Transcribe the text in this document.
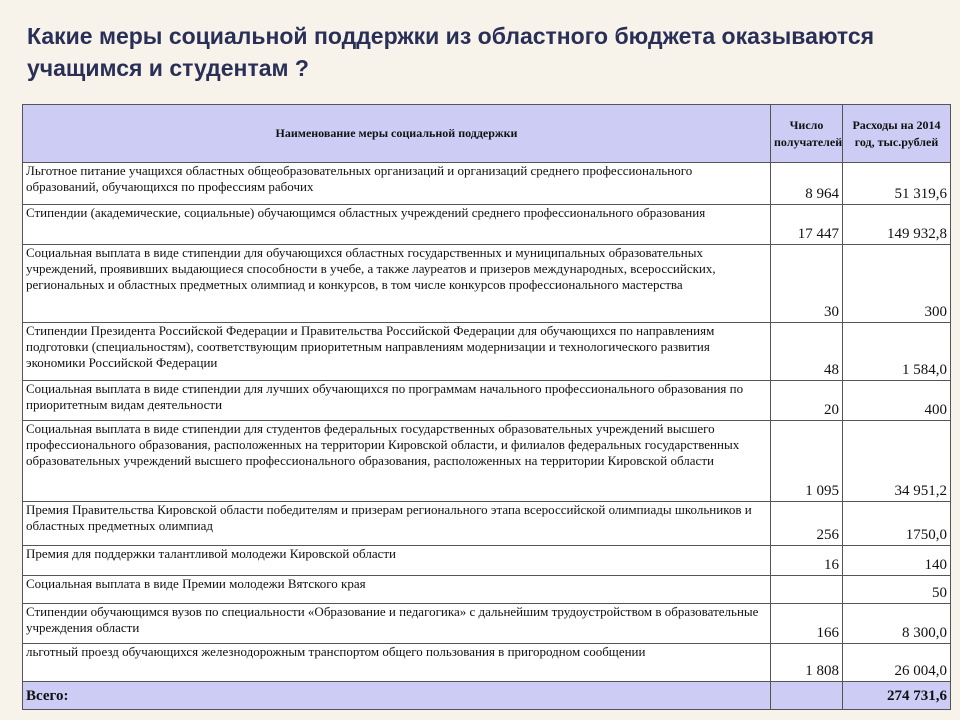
Какие меры социальной поддержки из областного бюджета оказываются учащимся и студентам ?
Наименование меры социальной поддержки	Число получателей	Расходы на 2014 год, тыс.рублей
Льготное питание учащихся областных общеобразовательных организаций и организаций среднего профессионального образований, обучающихся по профессиям рабочих	8 964	51 319,6
Стипендии (академические, социальные) обучающимся областных учреждений среднего профессионального образования	17 447	149 932,8
Социальная выплата в виде стипендии для обучающихся областных государственных и муниципальных образовательных учреждений, проявивших выдающиеся способности в учебе, а также лауреатов и призеров международных, всероссийских, региональных и областных предметных олимпиад и конкурсов, в том числе конкурсов профессионального мастерства	30	300
Стипендии Президента Российской Федерации и Правительства Российской Федерации для обучающихся по направлениям подготовки (специальностям), соответствующим приоритетным направлениям модернизации и технологического развития экономики Российской Федерации	48	1 584,0
Социальная выплата в виде стипендии для лучших обучающихся по программам начального профессионального образования по приоритетным видам деятельности	20	400
Социальная выплата в виде стипендии для студентов федеральных государственных образовательных учреждений высшего профессионального образования, расположенных на территории Кировской области, и филиалов федеральных государственных образовательных учреждений высшего профессионального образования, расположенных на территории Кировской области	1 095	34 951,2
Премия Правительства Кировской области победителям и призерам регионального этапа всероссийской олимпиады школьников и областных предметных олимпиад	256	1750,0
Премия для поддержки талантливой молодежи Кировской области	16	140
Социальная выплата в виде Премии молодежи Вятского края		50
Стипендии обучающимся вузов по специальности «Образование и педагогика» с дальнейшим трудоустройством в образовательные учреждения области	166	8 300,0
льготный проезд обучающихся железнодорожным транспортом общего пользования в пригородном сообщении	1 808	26 004,0
Всего:		274 731,6
